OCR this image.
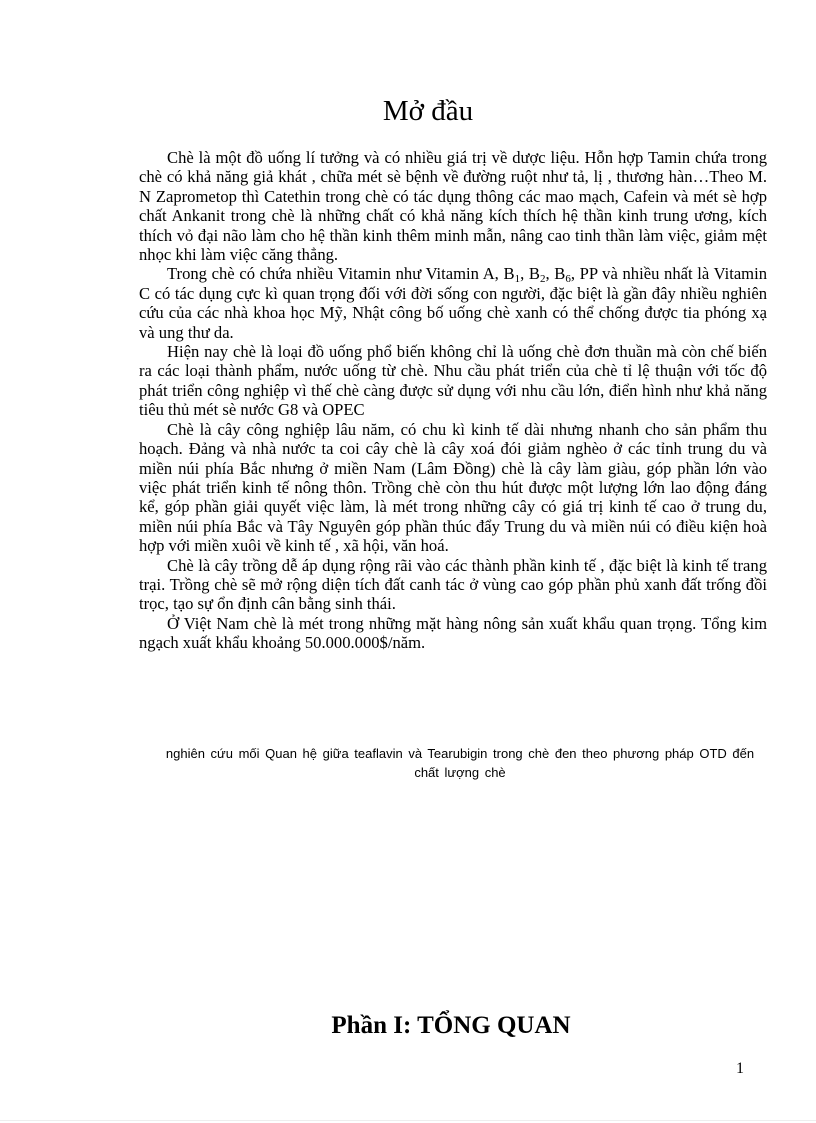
Mở đầu

Chè là một đồ uống lí tưởng và có nhiều giá trị về dược liệu. Hỗn hợp Tamin chứa trong chè có khả năng giả khát , chữa mét sè bệnh về đường ruột như tả, lị , thương hàn…Theo M. N Zaprometop thì Catethin trong chè có tác dụng thông các mao mạch, Cafein và mét sè hợp chất Ankanit trong chè là những chất có khả năng kích thích hệ thần kinh trung ương, kích thích vỏ đại não làm cho hệ thần kinh thêm minh mẫn, nâng cao tinh thần làm việc, giảm mệt nhọc khi làm việc căng thẳng.

Trong chè có chứa nhiều Vitamin như Vitamin A, $B_1$, $B_2$, $B_6$, PP và nhiều nhất là Vitamin C có tác dụng cực kì quan trọng đối với đời sống con người, đặc biệt là gần đây nhiều nghiên cứu của các nhà khoa học Mỹ, Nhật công bố uống chè xanh có thể chống được tia phóng xạ và ung thư da.

Hiện nay chè là loại đồ uống phổ biến không chỉ là uống chè đơn thuần mà còn chế biến ra các loại thành phẩm, nước uống từ chè. Nhu cầu phát triển của chè tỉ lệ thuận với tốc độ phát triển công nghiệp vì thế chè càng được sử dụng với nhu cầu lớn, điển hình như khả năng tiêu thủ mét sè nước G8 và OPEC

Chè là cây công nghiệp lâu năm, có chu kì kinh tế dài nhưng nhanh cho sản phẩm thu hoạch. Đảng và nhà nước ta coi cây chè là cây xoá đói giảm nghèo ở các tỉnh trung du và miền núi phía Bắc nhưng ở miền Nam (Lâm Đồng) chè là cây làm giàu, góp phần lớn vào việc phát triển kinh tế nông thôn. Trồng chè còn thu hút được một lượng lớn lao động đáng kể, góp phần giải quyết việc làm, là mét trong những cây có giá trị kinh tế cao ở trung du, miền núi phía Bắc và Tây Nguyên góp phần thúc đẩy Trung du và miền núi có điều kiện hoà hợp với miền xuôi về kinh tế , xã hội, văn hoá.

Chè là cây trồng dễ áp dụng rộng rãi vào các thành phần kinh tế , đặc biệt là kinh tế trang trại. Trồng chè sẽ mở rộng diện tích đất canh tác ở vùng cao góp phần phủ xanh đất trống đồi trọc, tạo sự ổn định cân bằng sinh thái.

Ở Việt Nam chè là mét trong những mặt hàng nông sản xuất khẩu quan trọng. Tổng kim ngạch xuất khẩu khoảng 50.000.000$/năm.

nghiên cứu mối Quan hệ giữa teaflavin và Tearubigin trong chè đen theo phương pháp OTD đến chất lượng chè
Phần I: TỔNG QUAN
1
